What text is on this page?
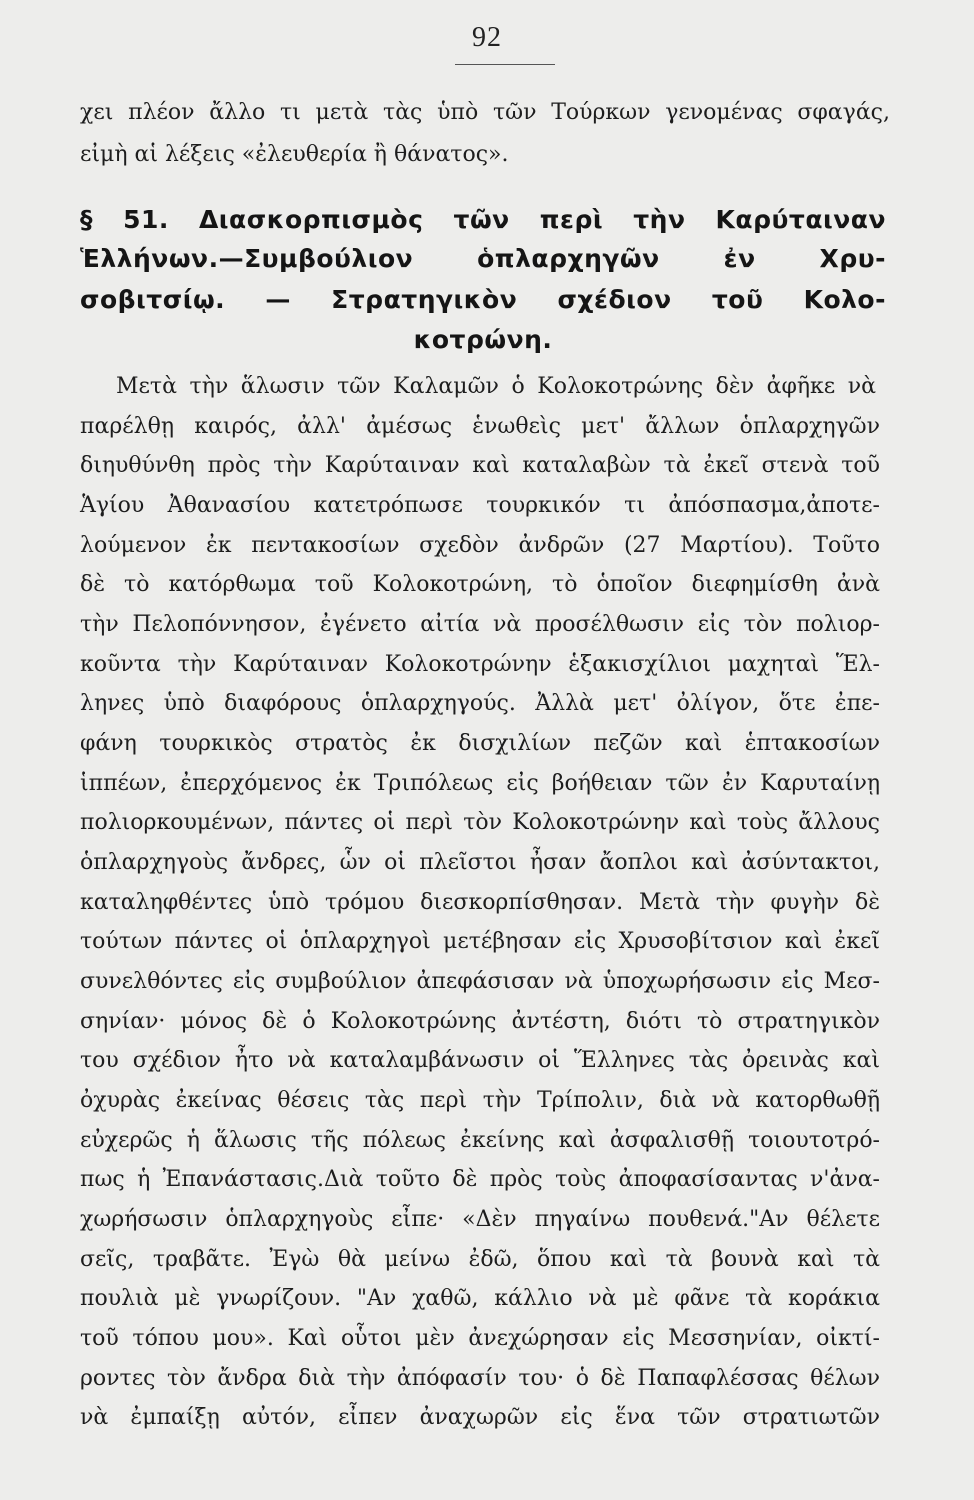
92
χει πλέον ἄλλο τι μετὰ τὰς ὑπὸ τῶν Τούρκων γενομένας σφαγάς,
εἰμὴ αἱ λέξεις «ἐλευθερία ἢ θάνατος».
§ 51. Διασκορπισμὸς τῶν περὶ τὴν Καρύταιναν
Ἑλλήνων.—Συμβούλιον ὁπλαρχηγῶν ἐν Χρυ-
σοβιτσίῳ. — Στρατηγικὸν σχέδιον τοῦ Κολο-
κοτρώνη.
Μετὰ τὴν ἅλωσιν τῶν Καλαμῶν ὁ Κολοκοτρώνης δὲν ἀφῆκε νὰ
παρέλθῃ καιρός, ἀλλ' ἀμέσως ἑνωθεὶς μετ' ἄλλων ὁπλαρχηγῶν
διηυθύνθη πρὸς τὴν Καρύταιναν καὶ καταλαβὼν τὰ ἐκεῖ στενὰ τοῦ
Ἁγίου Ἀθανασίου κατετρόπωσε τουρκικόν τι ἀπόσπασμα,ἀποτε-
λούμενον ἐκ πεντακοσίων σχεδὸν ἀνδρῶν (27 Μαρτίου). Τοῦτο
δὲ τὸ κατόρθωμα τοῦ Κολοκοτρώνη, τὸ ὁποῖον διεφημίσθη ἀνὰ
τὴν Πελοπόννησον, ἐγένετο αἰτία νὰ προσέλθωσιν εἰς τὸν πολιορ-
κοῦντα τὴν Καρύταιναν Κολοκοτρώνην ἑξακισχίλιοι μαχηταὶ Ἕλ-
ληνες ὑπὸ διαφόρους ὁπλαρχηγούς. Ἀλλὰ μετ' ὀλίγον, ὅτε ἐπε-
φάνη τουρκικὸς στρατὸς ἐκ δισχιλίων πεζῶν καὶ ἑπτακοσίων
ἱππέων, ἐπερχόμενος ἐκ Τριπόλεως εἰς βοήθειαν τῶν ἐν Καρυταίνῃ
πολιορκουμένων, πάντες οἱ περὶ τὸν Κολοκοτρώνην καὶ τοὺς ἄλλους
ὁπλαρχηγοὺς ἄνδρες, ὧν οἱ πλεῖστοι ἦσαν ἄοπλοι καὶ ἀσύντακτοι,
καταληφθέντες ὑπὸ τρόμου διεσκορπίσθησαν. Μετὰ τὴν φυγὴν δὲ
τούτων πάντες οἱ ὁπλαρχηγοὶ μετέβησαν εἰς Χρυσοβίτσιον καὶ ἐκεῖ
συνελθόντες εἰς συμβούλιον ἀπεφάσισαν νὰ ὑποχωρήσωσιν εἰς Μεσ-
σηνίαν· μόνος δὲ ὁ Κολοκοτρώνης ἀντέστη, διότι τὸ στρατηγικὸν
του σχέδιον ἦτο νὰ καταλαμβάνωσιν οἱ Ἕλληνες τὰς ὀρεινὰς καὶ
ὀχυρὰς ἐκείνας θέσεις τὰς περὶ τὴν Τρίπολιν, διὰ νὰ κατορθωθῇ
εὐχερῶς ἡ ἅλωσις τῆς πόλεως ἐκείνης καὶ ἀσφαλισθῇ τοιουτοτρό-
πως ἡ Ἐπανάστασις.Διὰ τοῦτο δὲ πρὸς τοὺς ἀποφασίσαντας ν'ἀνα-
χωρήσωσιν ὁπλαρχηγοὺς εἶπε· «Δὲν πηγαίνω πουθενά."Αν θέλετε
σεῖς, τραβᾶτε. Ἐγὼ θὰ μείνω ἐδῶ, ὅπου καὶ τὰ βουνὰ καὶ τὰ
πουλιὰ μὲ γνωρίζουν. "Αν χαθῶ, κάλλιο νὰ μὲ φᾶνε τὰ κοράκια
τοῦ τόπου μου». Καὶ οὗτοι μὲν ἀνεχώρησαν εἰς Μεσσηνίαν, οἰκτί-
ροντες τὸν ἄνδρα διὰ τὴν ἀπόφασίν του· ὁ δὲ Παπαφλέσσας θέλων
νὰ ἐμπαίξῃ αὐτόν, εἶπεν ἀναχωρῶν εἰς ἕνα τῶν στρατιωτῶν
